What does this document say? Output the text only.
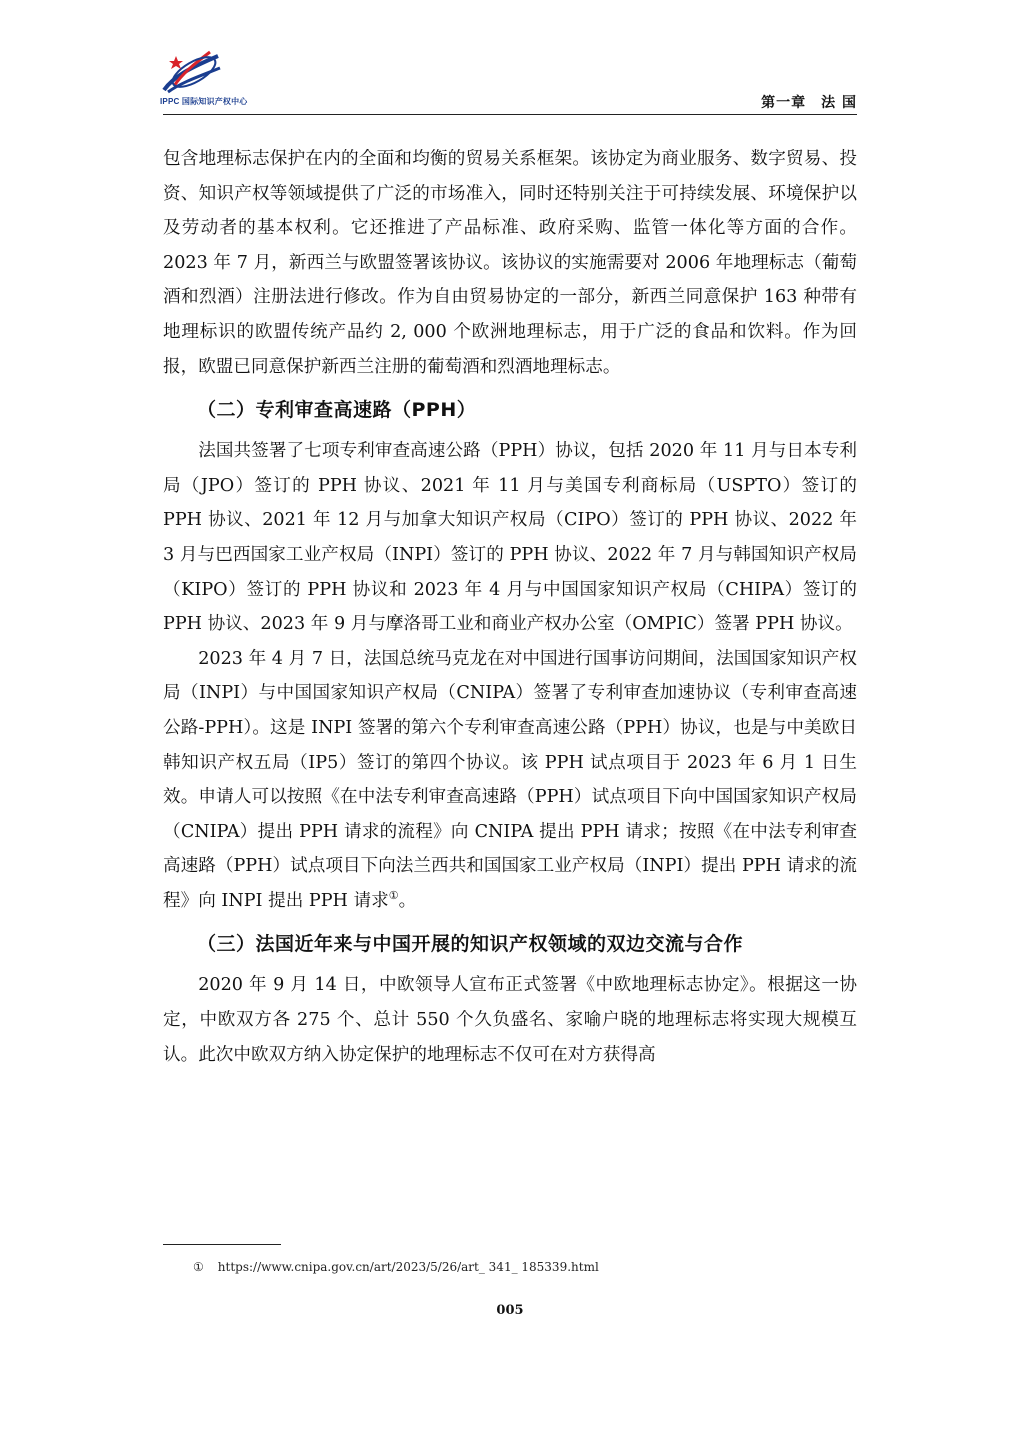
IPPC 国际知识产权中心	第一章　法 国

包含地理标志保护在内的全面和均衡的贸易关系框架。该协定为商业服务、数字贸易、投资、知识产权等领域提供了广泛的市场准入，同时还特别关注于可持续发展、环境保护以及劳动者的基本权利。它还推进了产品标准、政府采购、监管一体化等方面的合作。2023 年 7 月，新西兰与欧盟签署该协议。该协议的实施需要对 2006 年地理标志（葡萄酒和烈酒）注册法进行修改。作为自由贸易协定的一部分，新西兰同意保护 163 种带有地理标识的欧盟传统产品约 2, 000 个欧洲地理标志，用于广泛的食品和饮料。作为回报，欧盟已同意保护新西兰注册的葡萄酒和烈酒地理标志。

（二）专利审查高速路（PPH）

法国共签署了七项专利审查高速公路（PPH）协议，包括 2020 年 11 月与日本专利局（JPO）签订的 PPH 协议、2021 年 11 月与美国专利商标局（USPTO）签订的 PPH 协议、2021 年 12 月与加拿大知识产权局（CIPO）签订的 PPH 协议、2022 年 3 月与巴西国家工业产权局（INPI）签订的 PPH 协议、2022 年 7 月与韩国知识产权局（KIPO）签订的 PPH 协议和 2023 年 4 月与中国国家知识产权局（CHIPA）签订的 PPH 协议、2023 年 9 月与摩洛哥工业和商业产权办公室（OMPIC）签署 PPH 协议。

2023 年 4 月 7 日，法国总统马克龙在对中国进行国事访问期间，法国国家知识产权局（INPI）与中国国家知识产权局（CNIPA）签署了专利审查加速协议（专利审查高速公路-PPH）。这是 INPI 签署的第六个专利审查高速公路（PPH）协议，也是与中美欧日韩知识产权五局（IP5）签订的第四个协议。该 PPH 试点项目于 2023 年 6 月 1 日生效。申请人可以按照《在中法专利审查高速路（PPH）试点项目下向中国国家知识产权局（CNIPA）提出 PPH 请求的流程》向 CNIPA 提出 PPH 请求；按照《在中法专利审查高速路（PPH）试点项目下向法兰西共和国国家工业产权局（INPI）提出 PPH 请求的流程》向 INPI 提出 PPH 请求①。

（三）法国近年来与中国开展的知识产权领域的双边交流与合作

2020 年 9 月 14 日，中欧领导人宣布正式签署《中欧地理标志协定》。根据这一协定，中欧双方各 275 个、总计 550 个久负盛名、家喻户晓的地理标志将实现大规模互认。此次中欧双方纳入协定保护的地理标志不仅可在对方获得高

① https://www.cnipa.gov.cn/art/2023/5/26/art_ 341_ 185339.html
005
